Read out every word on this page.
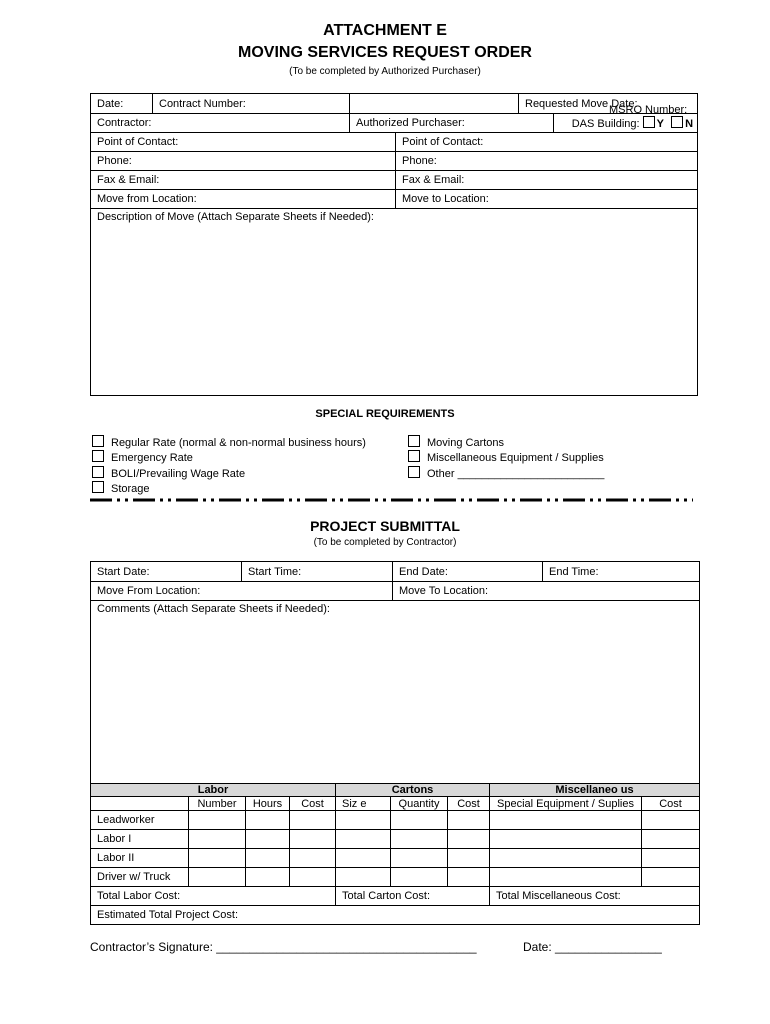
ATTACHMENT E
MOVING SERVICES REQUEST ORDER
(To be completed by Authorized Purchaser)
Date:	Contract Number:	MSRO Number:		Requested Move Date:	
Contractor:		Authorized Purchaser:			DAS Building: Y N
Point of Contact:			Point of Contact:		
Phone:			Phone:		
Fax & Email:			Fax & Email:		
Move from Location:			Move to Location:		
Description of Move (Attach Separate Sheets if Needed):					
SPECIAL REQUIREMENTS
Regular Rate (normal & non-normal business hours)
Emergency Rate
BOLI/Prevailing Wage Rate
Storage
Moving Cartons
Miscellaneous Equipment / Supplies
Other ________________________
PROJECT SUBMITTAL
(To be completed by Contractor)
Start Date:	Start Time:	End Date:	End Time:
Move From Location:		Move To Location:	
Comments (Attach Separate Sheets if Needed):			
Labor				Cartons			Miscellaneo us	
	Number	Hours	Cost	Siz e	Quantity	Cost	Special Equipment / Suplies	Cost
Leadworker								
Labor I								
Labor II								
Driver w/ Truck								
Total Labor Cost:				Total Carton Cost:			Total Miscellaneous Cost:	
Estimated Total Project Cost:								
Contractor’s Signature: _______________________________________	Date: ________________
